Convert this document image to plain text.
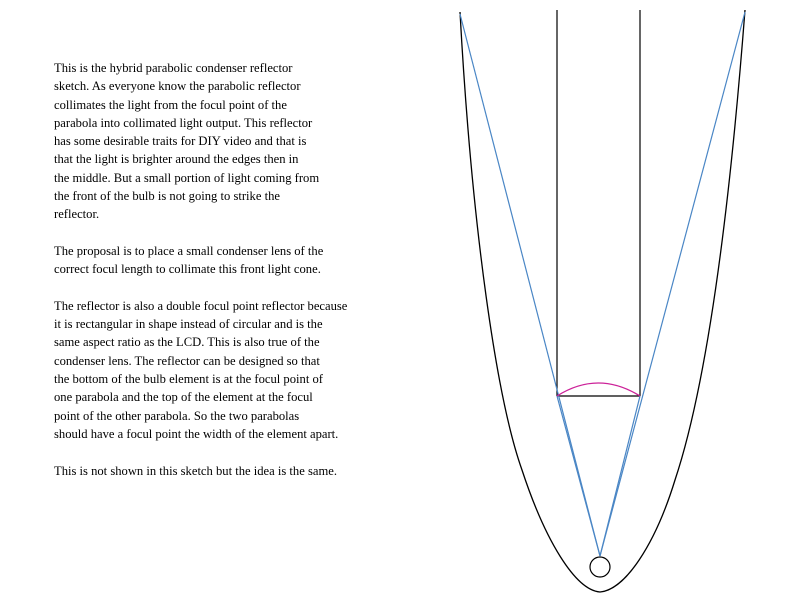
This is the hybrid parabolic condenser reflector
sketch. As everyone know the parabolic reflector
collimates the light from the focul point of the
parabola into collimated light output. This reflector
has some desirable traits for DIY video and that is
that the light is brighter around the edges then in
the middle. But a small portion of light coming from
the front of the bulb is not going to strike the
reflector.

The proposal is to place a small condenser lens of the
correct focul length to collimate this front light cone.

The reflector is also a double focul point reflector because
it is rectangular in shape instead of circular and is the
same aspect ratio as the LCD. This is also true of the
condenser lens. The reflector can be designed so that
the bottom of the bulb element is at the focul point of
one parabola and the top of the element at the focul
point of the other parabola. So the two parabolas
should have a focul point the width of the element apart.

This is not shown in this sketch but the idea is the same.
